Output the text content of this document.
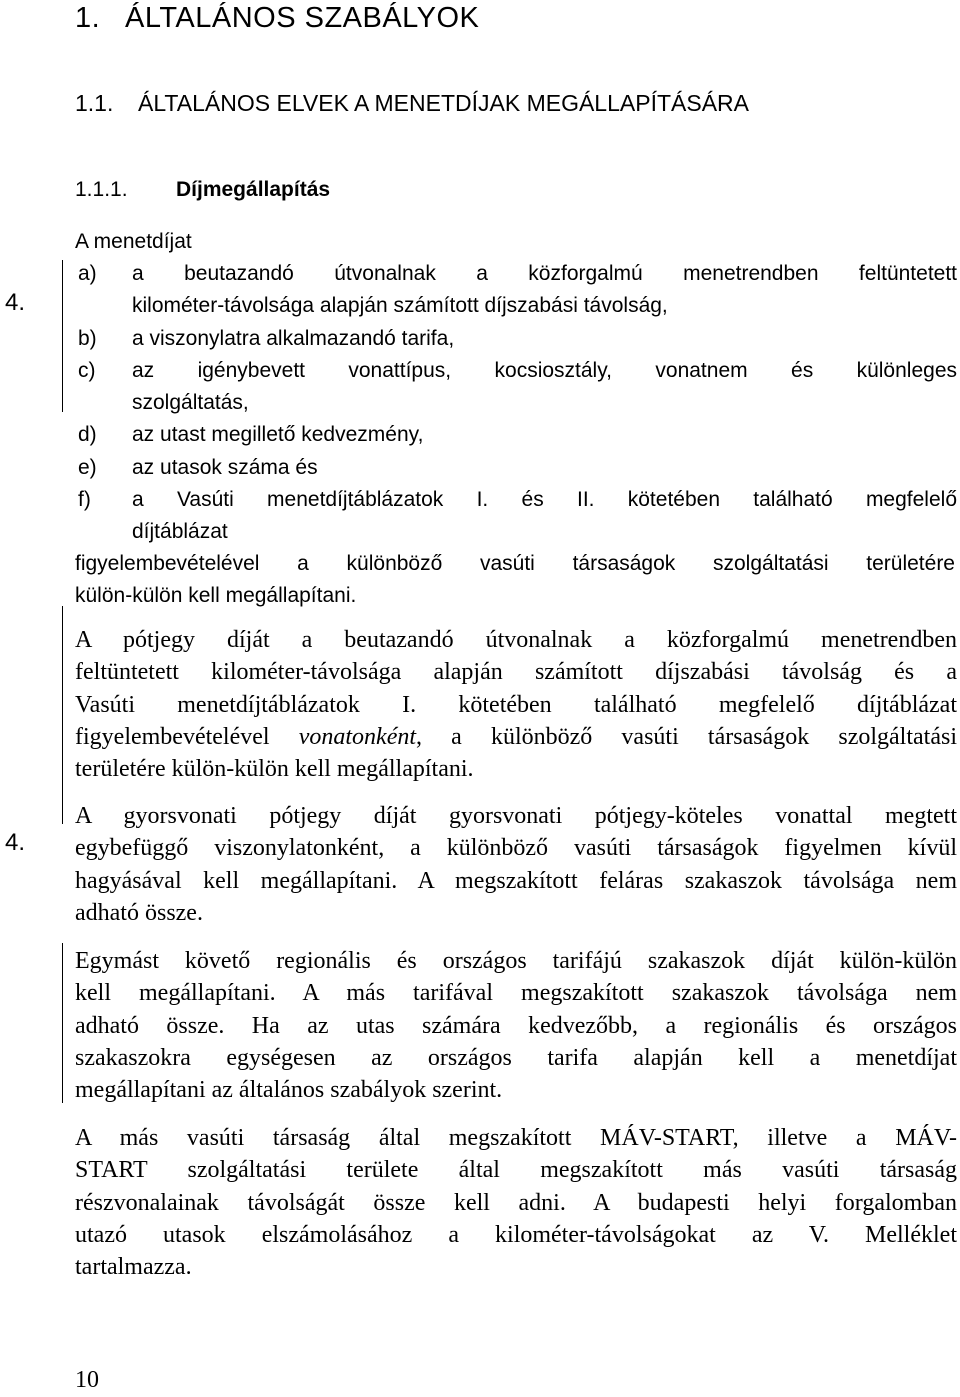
1. ÁLTALÁNOS SZABÁLYOK
1.1. ÁLTALÁNOS ELVEK A MENETDÍJAK MEGÁLLAPÍTÁSÁRA
1.1.1. Díjmegállapítás
4.
4.
A menetdíjat
a) a beutazandó útvonalnak a közforgalmú menetrendben feltüntetett
kilométer-távolsága alapján számított díjszabási távolság,
b) a viszonylatra alkalmazandó tarifa,
c) az igénybevett vonattípus, kocsiosztály, vonatnem és különleges
szolgáltatás,
d) az utast megillető kedvezmény,
e) az utasok száma és
f) a Vasúti menetdíjtáblázatok I. és II. kötetében található megfelelő
díjtáblázat
figyelembevételével a különböző vasúti társaságok szolgáltatási területére
külön-külön kell megállapítani.

A pótjegy díját a beutazandó útvonalnak a közforgalmú menetrendben
feltüntetett kilométer-távolsága alapján számított díjszabási távolság és a
Vasúti menetdíjtáblázatok I. kötetében található megfelelő díjtáblázat
figyelembevételével vonatonként, a különböző vasúti társaságok szolgáltatási
területére külön-külön kell megállapítani.

A gyorsvonati pótjegy díját gyorsvonati pótjegy-köteles vonattal megtett
egybefüggő viszonylatonként, a különböző vasúti társaságok figyelmen kívül
hagyásával kell megállapítani. A megszakított feláras szakaszok távolsága nem
adható össze.

Egymást követő regionális és országos tarifájú szakaszok díját külön-külön
kell megállapítani. A más tarifával megszakított szakaszok távolsága nem
adható össze. Ha az utas számára kedvezőbb, a regionális és országos
szakaszokra egységesen az országos tarifa alapján kell a menetdíjat
megállapítani az általános szabályok szerint.

A más vasúti társaság által megszakított MÁV-START, illetve a MÁV-
START szolgáltatási területe által megszakított más vasúti társaság
részvonalainak távolságát össze kell adni. A budapesti helyi forgalomban
utazó utasok elszámolásához a kilométer-távolságokat az V. Melléklet
tartalmazza.

10
